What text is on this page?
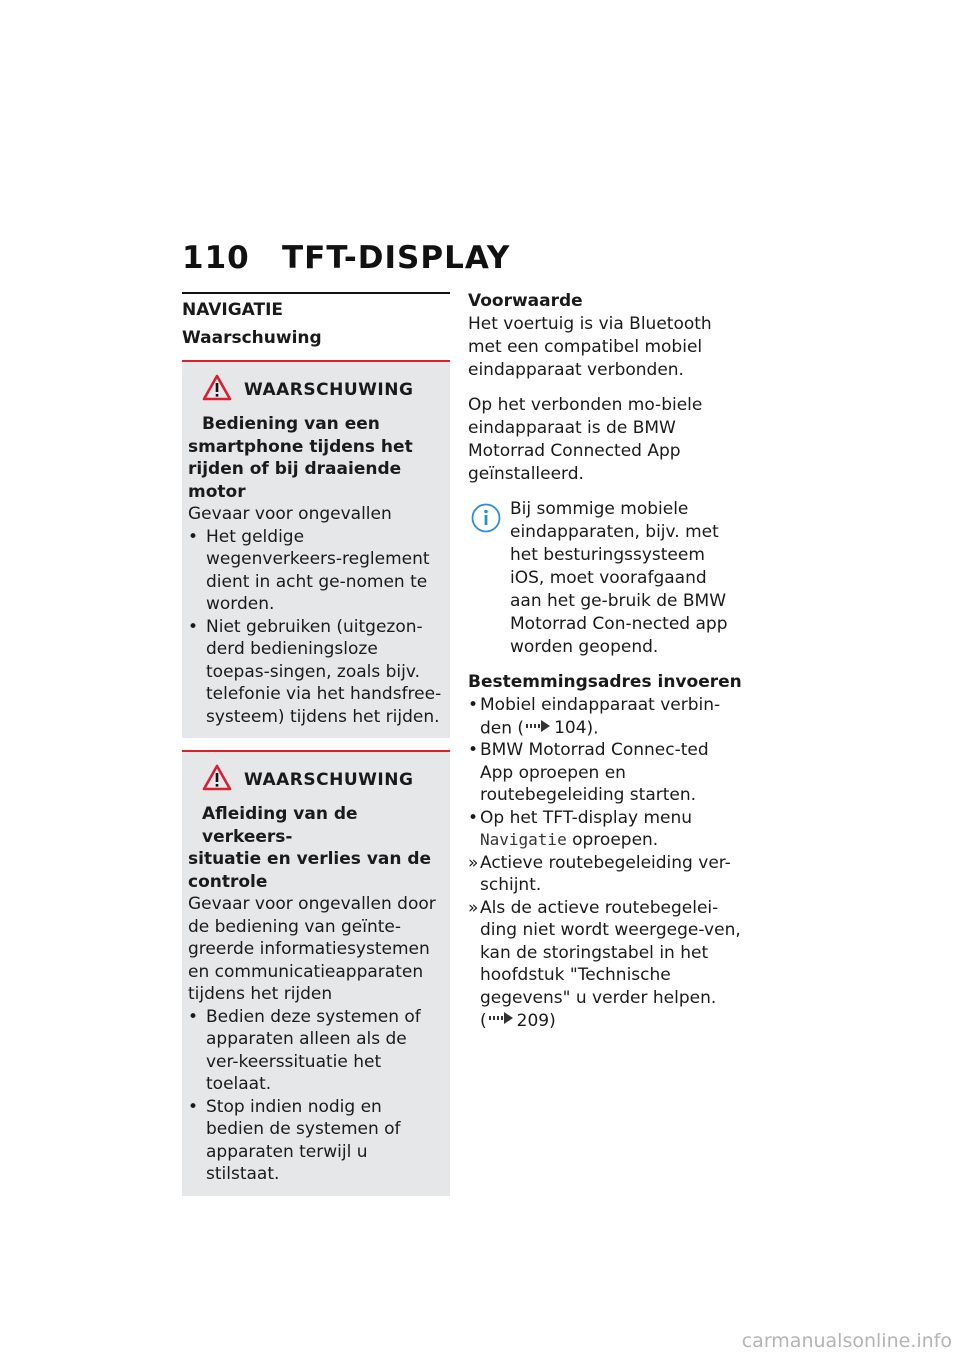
110 TFT-DISPLAY
NAVIGATIE
Waarschuwing
WAARSCHUWING
Bediening van een
smartphone tijdens het
rijden of bij draaiende motor
Gevaar voor ongevallen
• Het geldige wegenverkeers-reglement dient in acht ge-nomen te worden.
• Niet gebruiken (uitgezon-derd bedieningsloze toepas-singen, zoals bijv. telefonie via het handsfree-systeem) tijdens het rijden.
WAARSCHUWING
Afleiding van de verkeers-
situatie en verlies van de
controle
Gevaar voor ongevallen door de bediening van geïnte-greerde informatiesystemen en communicatieapparaten tijdens het rijden
• Bedien deze systemen of apparaten alleen als de ver-keerssituatie het toelaat.
• Stop indien nodig en bedien de systemen of apparaten terwijl u stilstaat.
Voorwaarde
Het voertuig is via Bluetooth met een compatibel mobiel eindapparaat verbonden.
Op het verbonden mo-biele eindapparaat is de BMW Motorrad Connected App geïnstalleerd.
Bij sommige mobiele eindapparaten, bijv. met het besturingssysteem iOS, moet voorafgaand aan het ge-bruik de BMW Motorrad Con-nected app worden geopend.
Bestemmingsadres invoeren
• Mobiel eindapparaat verbin-den ( 104).
• BMW Motorrad Connec-ted App oproepen en routebegeleiding starten.
• Op het TFT-display menu
Navigatie oproepen.
» Actieve routebegeleiding ver-schijnt.
» Als de actieve routebegelei-ding niet wordt weergege-ven, kan de storingstabel in het hoofdstuk "Technische gegevens" u verder helpen.
( 209)
carmanualsonline.info
